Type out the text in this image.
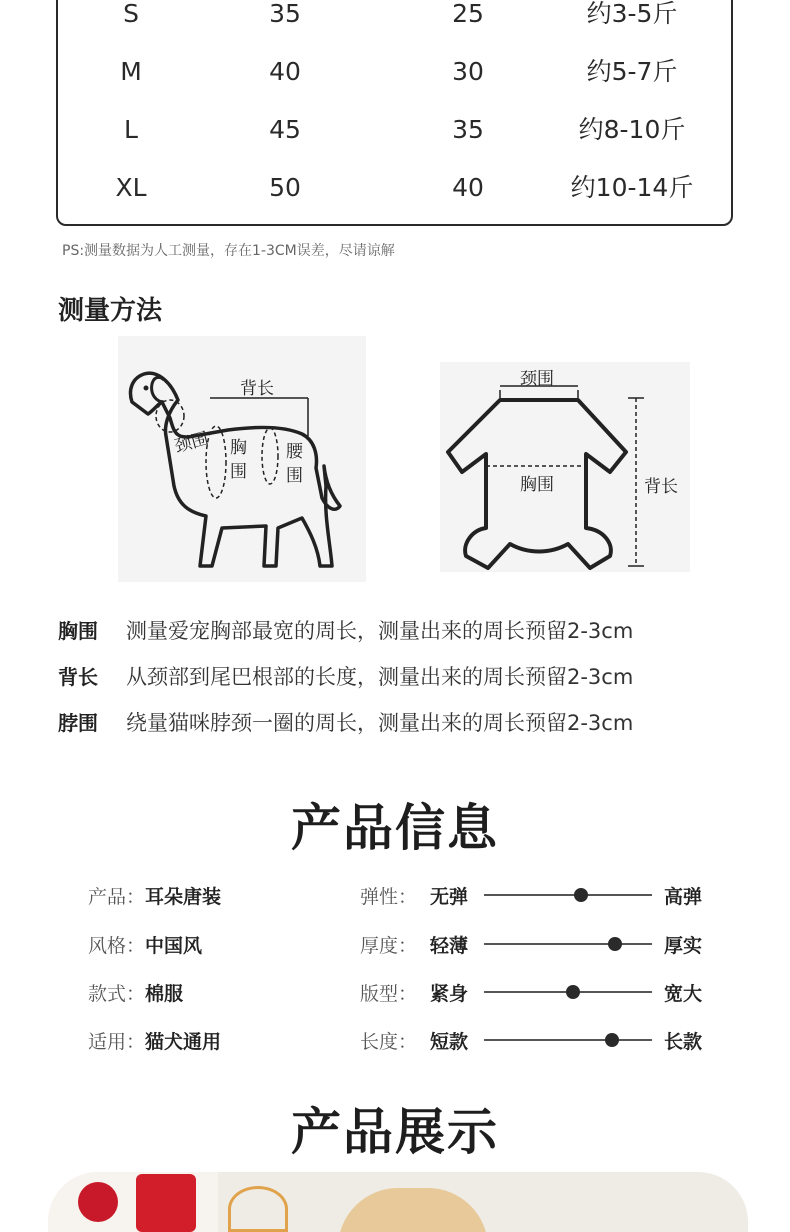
S	35	25	约3-5斤
M	40	30	约5-7斤
L	45	35	约8-10斤
XL	50	40	约10-14斤
PS:测量数据为人工测量，存在1-3CM误差，尽请谅解
测量方法
背长
颈围 胸
围
腰
围
颈围
胸围	背长
胸围 测量爱宠胸部最宽的周长，测量出来的周长预留2-3cm
背长 从颈部到尾巴根部的长度，测量出来的周长预留2-3cm
脖围 绕量猫咪脖颈一圈的周长，测量出来的周长预留2-3cm
产品信息
产品：耳朵唐装
风格：中国风
款式：棉服
适用：猫犬通用
弹性： 无弹	高弹
厚度： 轻薄	厚实
版型： 紧身	宽大
长度： 短款	长款
产品展示
